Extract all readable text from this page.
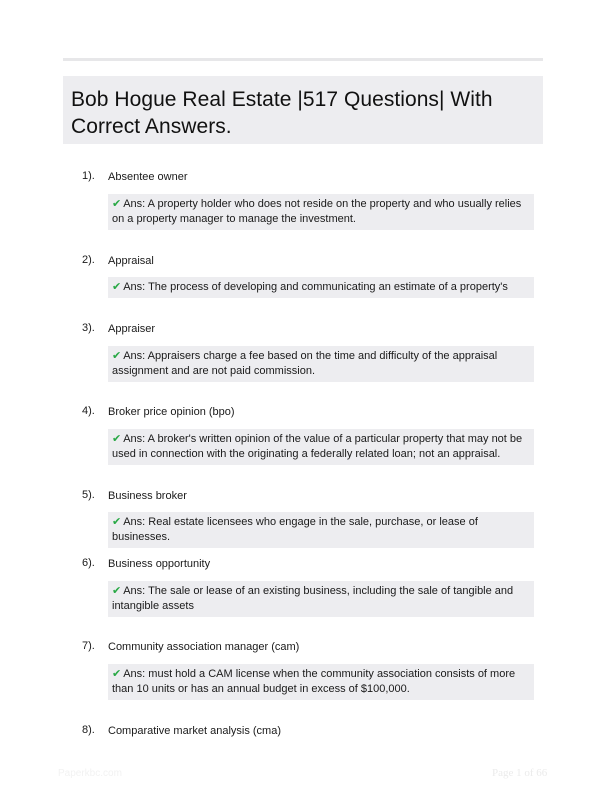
Bob Hogue Real Estate |517 Questions| With
Correct Answers.
1). Absentee owner
✔ Ans: A property holder who does not reside on the property and who usually relies on a property manager to manage the investment.
2). Appraisal
✔ Ans: The process of developing and communicating an estimate of a property's
3). Appraiser
✔ Ans: Appraisers charge a fee based on the time and difficulty of the appraisal assignment and are not paid commission.
4). Broker price opinion (bpo)
✔ Ans: A broker's written opinion of the value of a particular property that may not be used in connection with the originating a federally related loan; not an appraisal.
5). Business broker
✔ Ans: Real estate licensees who engage in the sale, purchase, or lease of businesses.
6). Business opportunity
✔ Ans: The sale or lease of an existing business, including the sale of tangible and intangible assets
7). Community association manager (cam)
✔ Ans: must hold a CAM license when the community association consists of more than 10 units or has an annual budget in excess of $100,000.
8). Comparative market analysis (cma)
Paperkbc.com	Page 1 of 66
